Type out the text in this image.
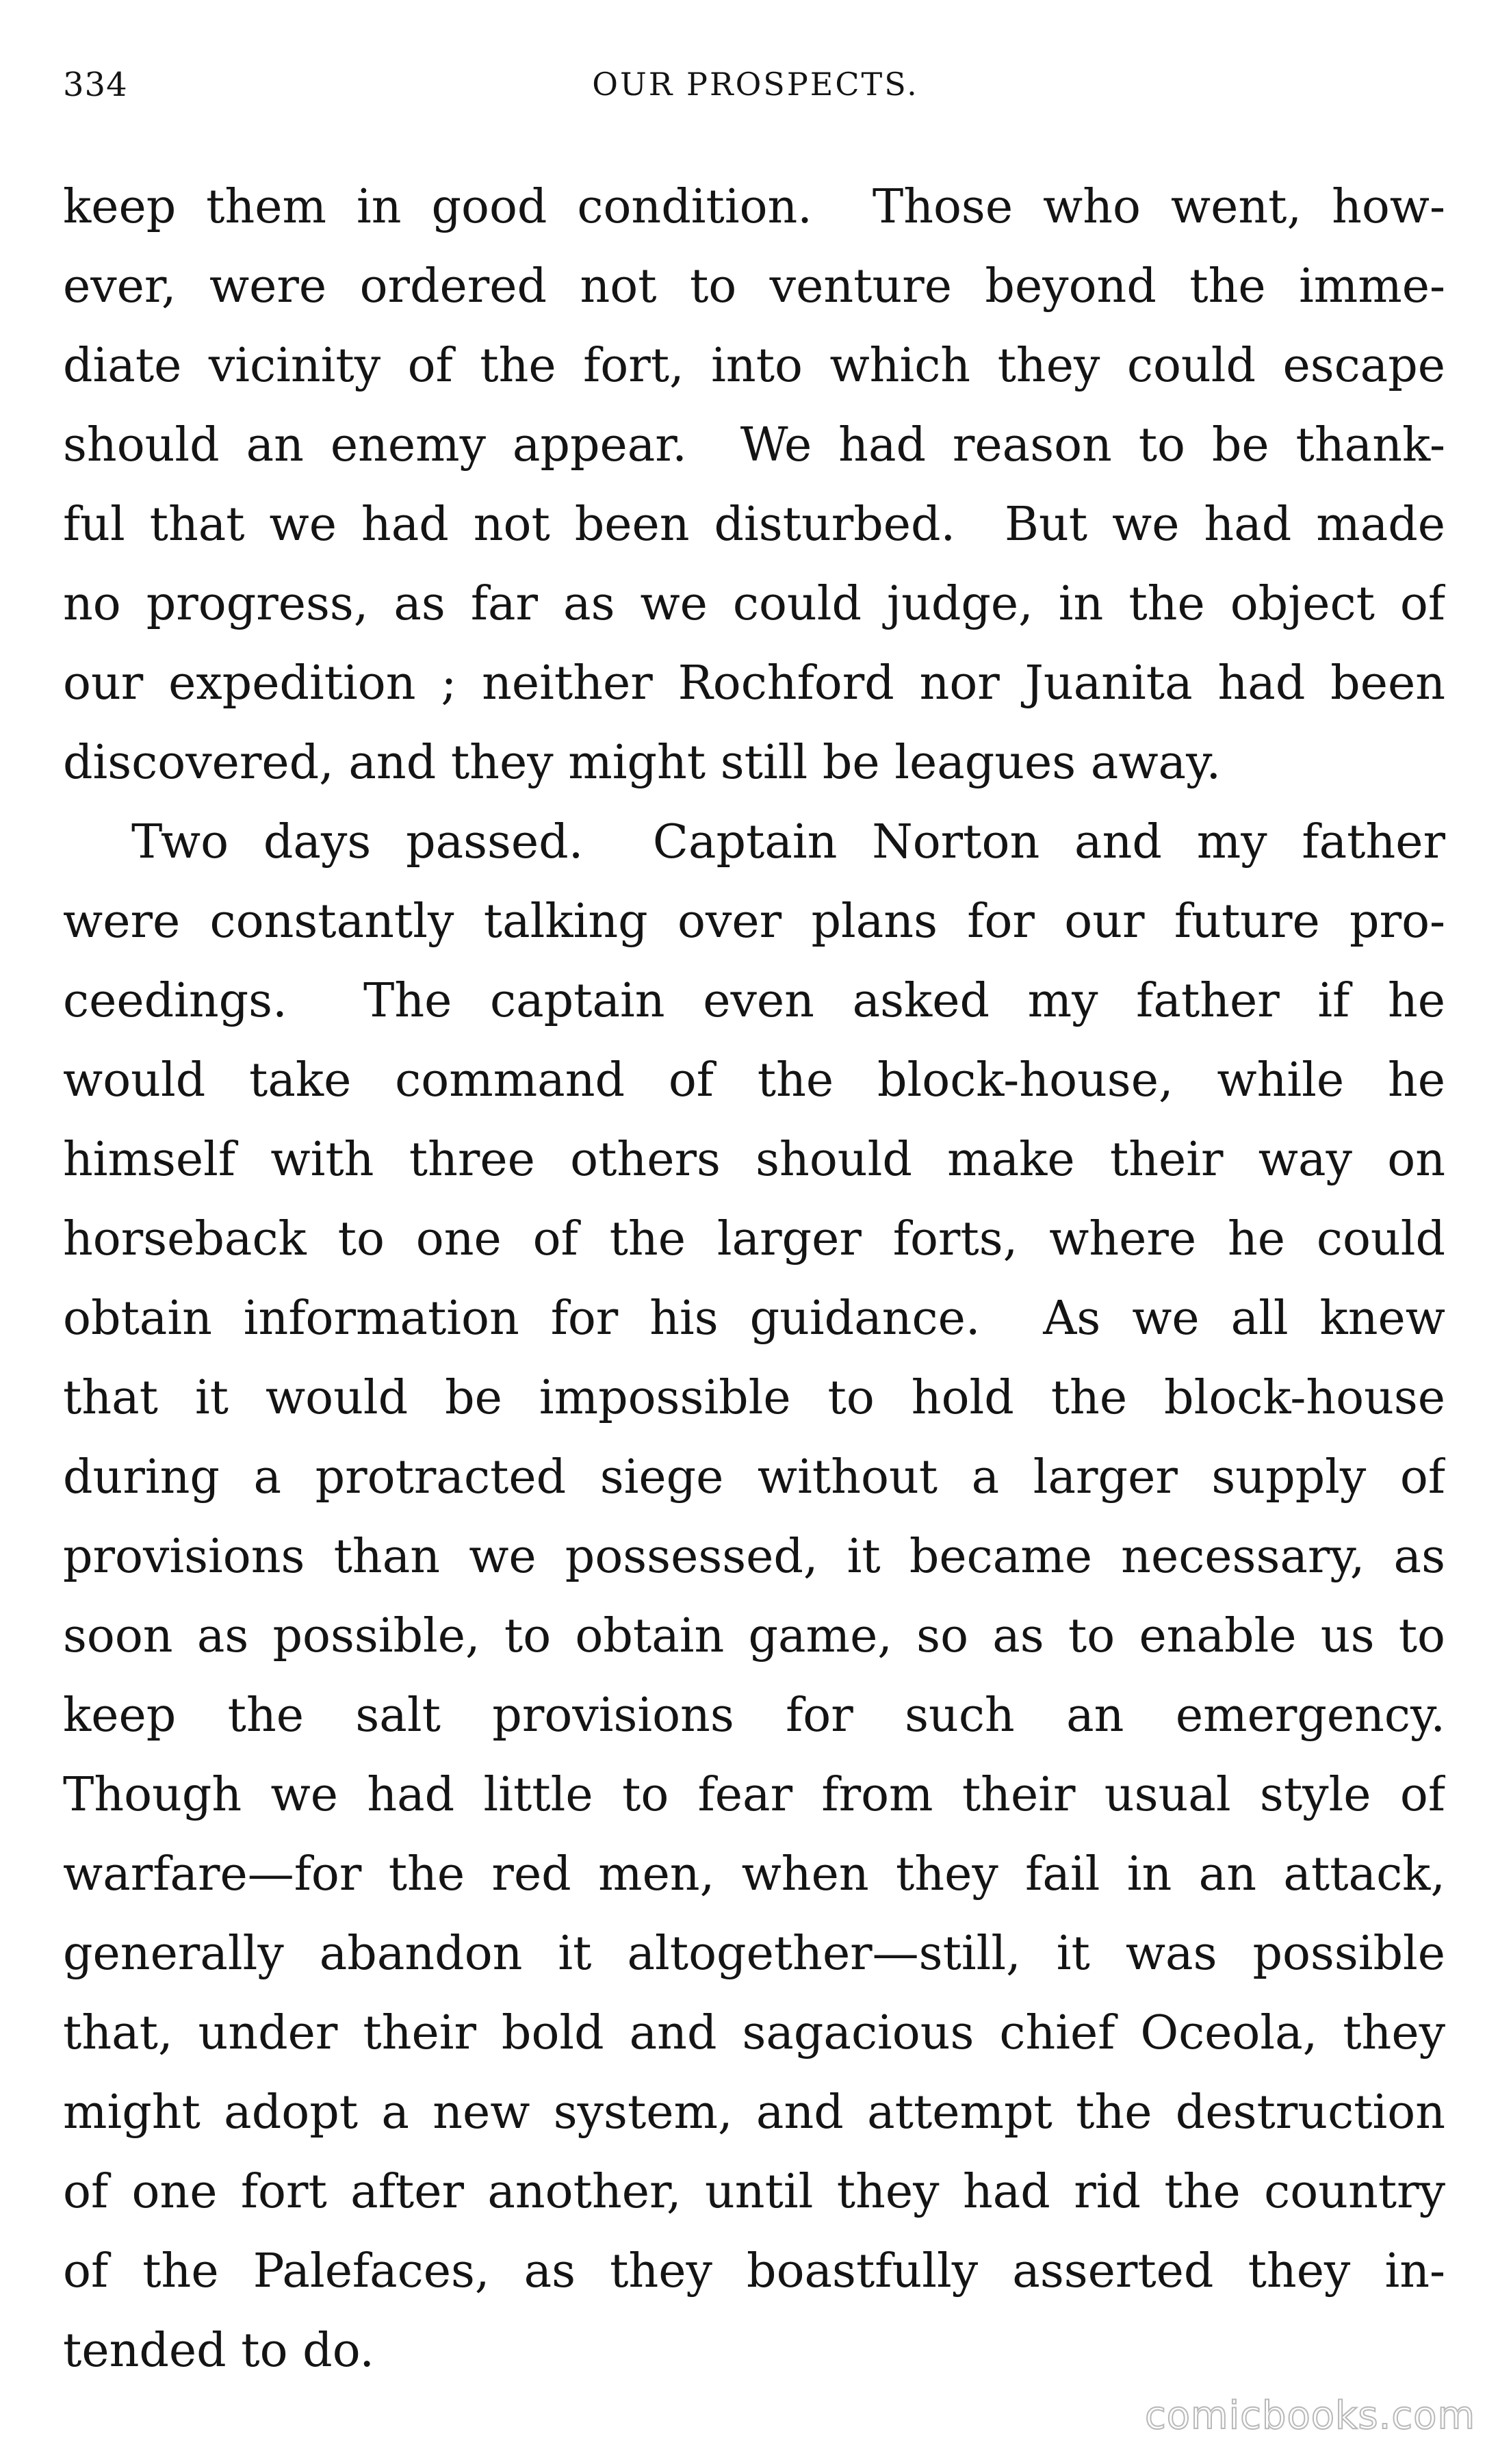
334	OUR PROSPECTS.
keep them in good condition.  Those who went, how-
ever, were ordered not to venture beyond the imme-
diate vicinity of the fort, into which they could escape
should an enemy appear.  We had reason to be thank-
ful that we had not been disturbed.  But we had made
no progress, as far as we could judge, in the object of
our expedition ; neither Rochford nor Juanita had been
discovered, and they might still be leagues away.
Two days passed.  Captain Norton and my father
were constantly talking over plans for our future pro-
ceedings.  The captain even asked my father if he
would take command of the block-house, while he
himself with three others should make their way on
horseback to one of the larger forts, where he could
obtain information for his guidance.  As we all knew
that it would be impossible to hold the block-house
during a protracted siege without a larger supply of
provisions than we possessed, it became necessary, as
soon as possible, to obtain game, so as to enable us to
keep the salt provisions for such an emergency.
Though we had little to fear from their usual style of
warfare—for the red men, when they fail in an attack,
generally abandon it altogether—still, it was possible
that, under their bold and sagacious chief Oceola, they
might adopt a new system, and attempt the destruction
of one fort after another, until they had rid the country
of the Palefaces, as they boastfully asserted they in-
tended to do.
comicbooks.com
